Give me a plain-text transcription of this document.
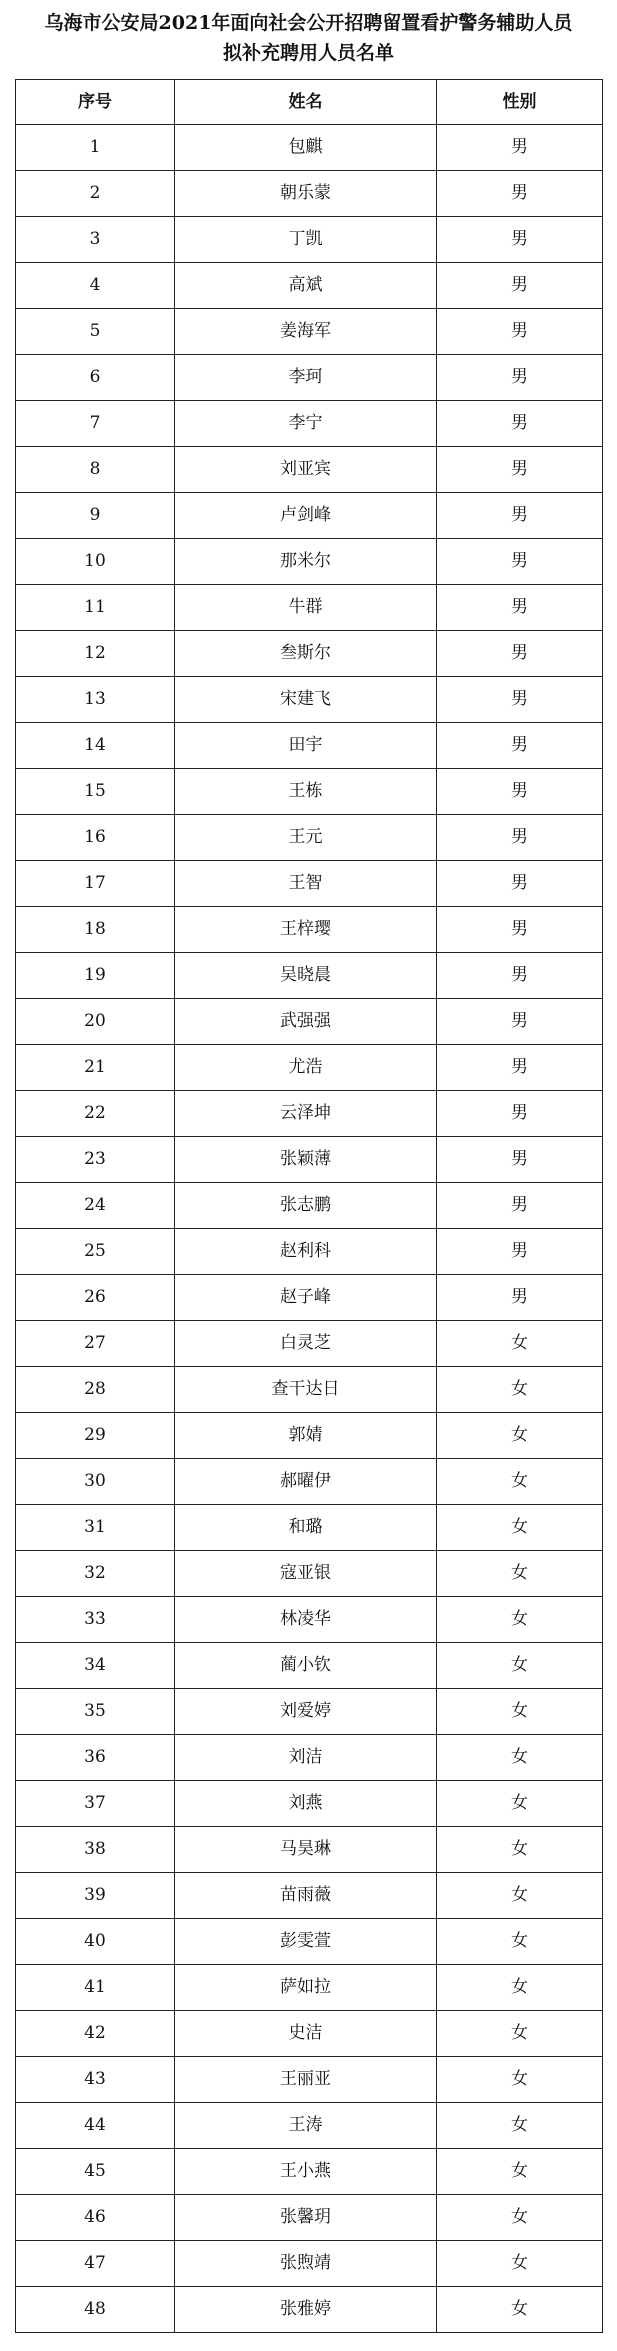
乌海市公安局2021年面向社会公开招聘留置看护警务辅助人员
拟补充聘用人员名单
序号	姓名	性别
1	包麒	男
2	朝乐蒙	男
3	丁凯	男
4	高斌	男
5	姜海军	男
6	李珂	男
7	李宁	男
8	刘亚宾	男
9	卢剑峰	男
10	那米尔	男
11	牛群	男
12	叁斯尔	男
13	宋建飞	男
14	田宇	男
15	王栋	男
16	王元	男
17	王智	男
18	王梓璎	男
19	吴晓晨	男
20	武强强	男
21	尤浩	男
22	云泽坤	男
23	张颖薄	男
24	张志鹏	男
25	赵利科	男
26	赵子峰	男
27	白灵芝	女
28	查干达日	女
29	郭婧	女
30	郝曜伊	女
31	和璐	女
32	寇亚银	女
33	林凌华	女
34	蔺小钦	女
35	刘爱婷	女
36	刘洁	女
37	刘燕	女
38	马昊琳	女
39	苗雨薇	女
40	彭雯萱	女
41	萨如拉	女
42	史洁	女
43	王丽亚	女
44	王涛	女
45	王小燕	女
46	张馨玥	女
47	张煦靖	女
48	张雅婷	女
